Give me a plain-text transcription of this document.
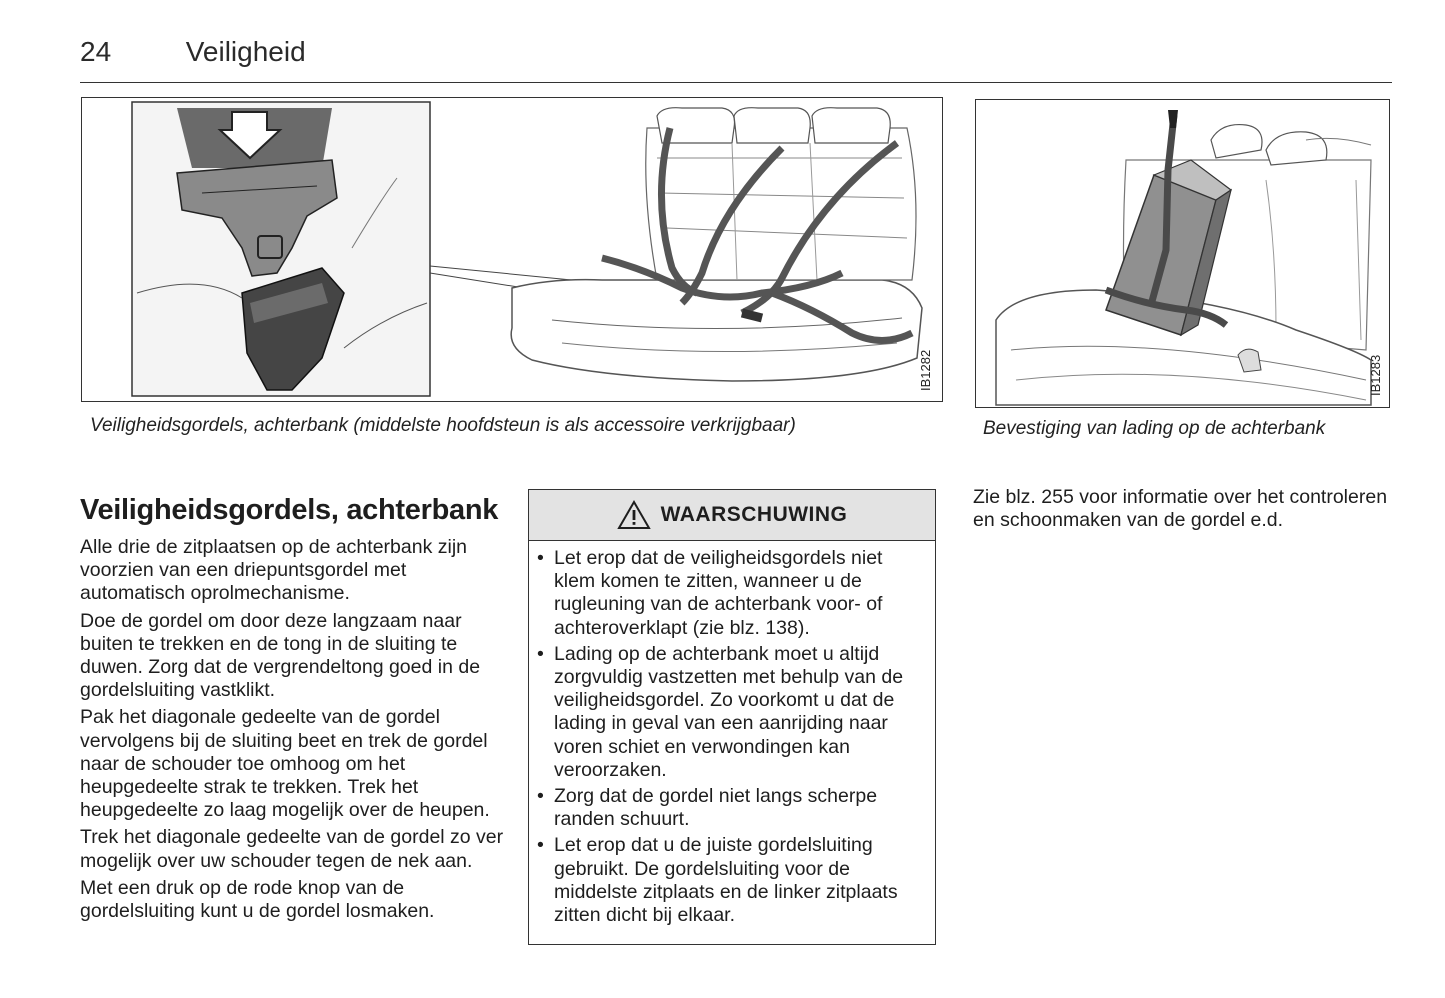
24	Veiligheid
IB1282
Veiligheidsgordels, achterbank (middelste hoofdsteun is als accessoire verkrijgbaar)
IB1283
Bevestiging van lading op de achterbank
Veiligheidsgordels, achterbank

Alle drie de zitplaatsen op de achterbank zijn voorzien van een driepuntsgordel met automatisch oprolmechanisme.

Doe de gordel om door deze langzaam naar buiten te trekken en de tong in de sluiting te duwen. Zorg dat de vergrendeltong goed in de gordelsluiting vastklikt.

Pak het diagonale gedeelte van de gordel vervolgens bij de sluiting beet en trek de gordel naar de schouder toe omhoog om het heupgedeelte strak te trekken. Trek het heupgedeelte zo laag mogelijk over de heupen.

Trek het diagonale gedeelte van de gordel zo ver mogelijk over uw schouder tegen de nek aan.

Met een druk op de rode knop van de gordelsluiting kunt u de gordel losmaken.

WAARSCHUWING
• Let erop dat de veiligheidsgordels niet klem komen te zitten, wanneer u de rugleuning van de achterbank voor- of achteroverklapt (zie blz. 138).
• Lading op de achterbank moet u altijd zorgvuldig vastzetten met behulp van de veiligheidsgordel. Zo voorkomt u dat de lading in geval van een aanrijding naar voren schiet en verwondingen kan veroorzaken.
• Zorg dat de gordel niet langs scherpe randen schuurt.
• Let erop dat u de juiste gordelsluiting gebruikt. De gordelsluiting voor de middelste zitplaats en de linker zitplaats zitten dicht bij elkaar.
Zie blz. 255 voor informatie over het controleren en schoonmaken van de gordel e.d.
